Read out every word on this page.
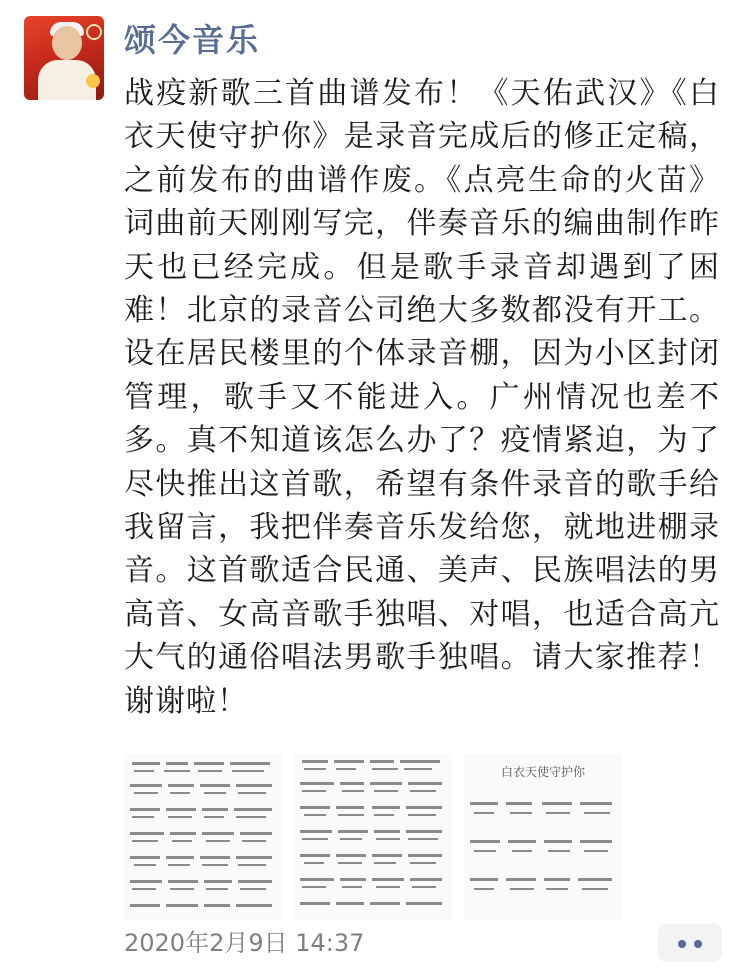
颂今音乐
战疫新歌三首曲谱发布！《天佑武汉》《白衣天使守护你》是录音完成后的修正定稿，之前发布的曲谱作废。《点亮生命的火苗》词曲前天刚刚写完，伴奏音乐的编曲制作昨天也已经完成。但是歌手录音却遇到了困难！北京的录音公司绝大多数都没有开工。设在居民楼里的个体录音棚，因为小区封闭管理，歌手又不能进入。广州情况也差不多。真不知道该怎么办了？疫情紧迫，为了尽快推出这首歌，希望有条件录音的歌手给我留言，我把伴奏音乐发给您，就地进棚录音。这首歌适合民通、美声、民族唱法的男高音、女高音歌手独唱、对唱，也适合高亢大气的通俗唱法男歌手独唱。请大家推荐！谢谢啦！
白衣天使守护你
2020年2月9日 14:37
